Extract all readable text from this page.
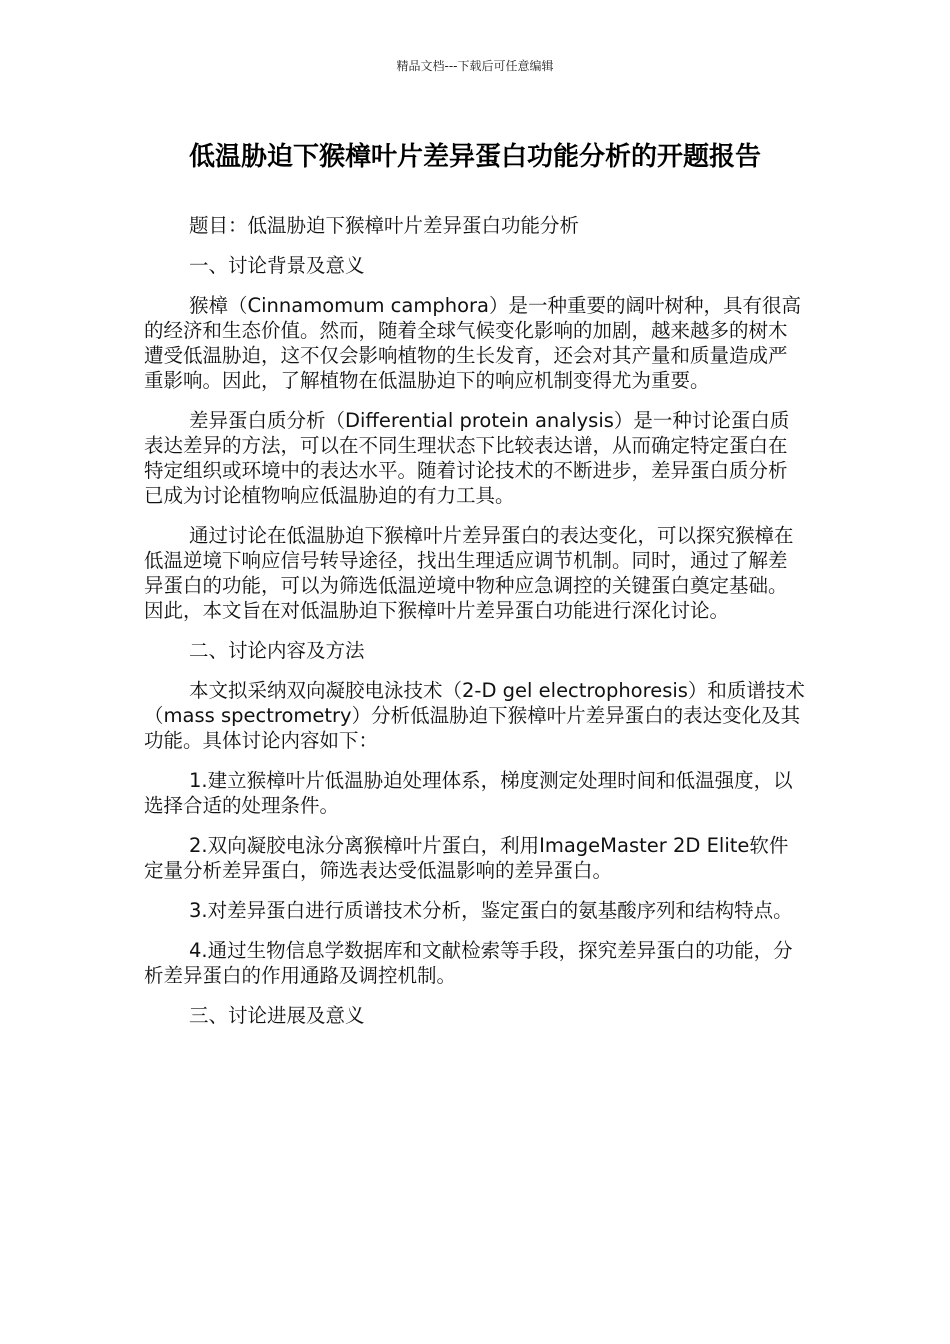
精品文档---下载后可任意编辑
低温胁迫下猴樟叶片差异蛋白功能分析的开题报告

题目：低温胁迫下猴樟叶片差异蛋白功能分析

一、讨论背景及意义

猴樟（Cinnamomum camphora）是一种重要的阔叶树种，具有很高的经济和生态价值。然而，随着全球气候变化影响的加剧，越来越多的树木遭受低温胁迫，这不仅会影响植物的生长发育，还会对其产量和质量造成严重影响。因此，了解植物在低温胁迫下的响应机制变得尤为重要。

差异蛋白质分析（Differential protein analysis）是一种讨论蛋白质表达差异的方法，可以在不同生理状态下比较表达谱，从而确定特定蛋白在特定组织或环境中的表达水平。随着讨论技术的不断进步，差异蛋白质分析已成为讨论植物响应低温胁迫的有力工具。

通过讨论在低温胁迫下猴樟叶片差异蛋白的表达变化，可以探究猴樟在低温逆境下响应信号转导途径，找出生理适应调节机制。同时，通过了解差异蛋白的功能，可以为筛选低温逆境中物种应急调控的关键蛋白奠定基础。因此，本文旨在对低温胁迫下猴樟叶片差异蛋白功能进行深化讨论。

二、讨论内容及方法

本文拟采纳双向凝胶电泳技术（2-D gel electrophoresis）和质谱技术（mass spectrometry）分析低温胁迫下猴樟叶片差异蛋白的表达变化及其功能。具体讨论内容如下：

1.建立猴樟叶片低温胁迫处理体系，梯度测定处理时间和低温强度，以选择合适的处理条件。

2.双向凝胶电泳分离猴樟叶片蛋白，利用ImageMaster 2D Elite软件定量分析差异蛋白，筛选表达受低温影响的差异蛋白。

3.对差异蛋白进行质谱技术分析，鉴定蛋白的氨基酸序列和结构特点。

4.通过生物信息学数据库和文献检索等手段，探究差异蛋白的功能，分析差异蛋白的作用通路及调控机制。

三、讨论进展及意义
